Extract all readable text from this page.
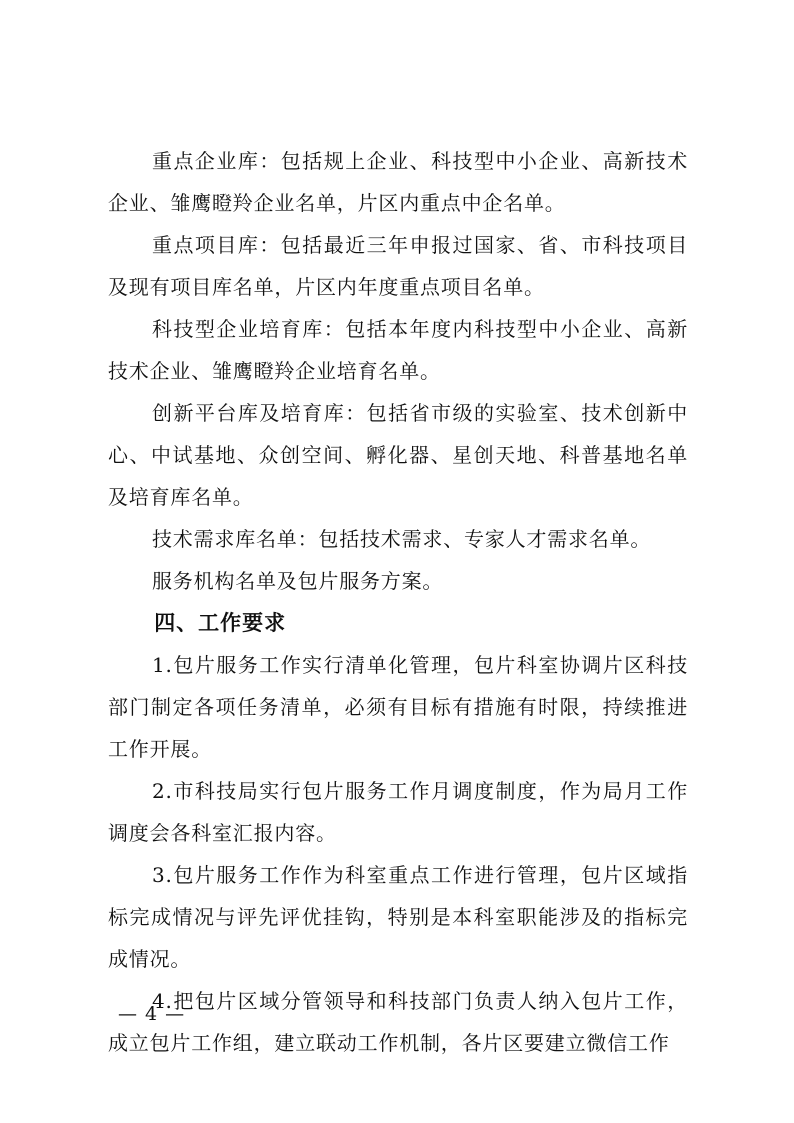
重点企业库：包括规上企业、科技型中小企业、高新技术企业、雏鹰瞪羚企业名单，片区内重点中企名单。

重点项目库：包括最近三年申报过国家、省、市科技项目及现有项目库名单，片区内年度重点项目名单。

科技型企业培育库：包括本年度内科技型中小企业、高新技术企业、雏鹰瞪羚企业培育名单。

创新平台库及培育库：包括省市级的实验室、技术创新中心、中试基地、众创空间、孵化器、星创天地、科普基地名单及培育库名单。

技术需求库名单：包括技术需求、专家人才需求名单。

服务机构名单及包片服务方案。

四、工作要求

1.包片服务工作实行清单化管理，包片科室协调片区科技部门制定各项任务清单，必须有目标有措施有时限，持续推进工作开展。

2.市科技局实行包片服务工作月调度制度，作为局月工作调度会各科室汇报内容。

3.包片服务工作作为科室重点工作进行管理，包片区域指标完成情况与评先评优挂钩，特别是本科室职能涉及的指标完成情况。

4.把包片区域分管领导和科技部门负责人纳入包片工作，成立包片工作组，建立联动工作机制，各片区要建立微信工作

— 4 —
